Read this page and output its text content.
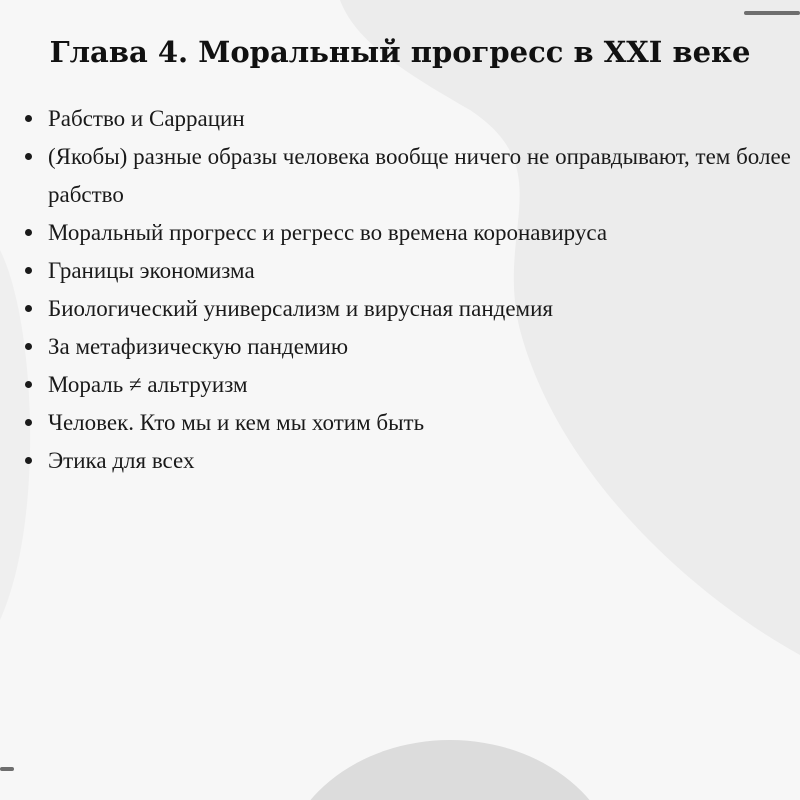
Глава 4. Моральный прогресс в XXI веке
Рабство и Саррацин
(Якобы) разные образы человека вообще ничего не оправдывают, тем более рабство
Моральный прогресс и регресс во времена коронавируса
Границы экономизма
Биологический универсализм и вирусная пандемия
За метафизическую пандемию
Мораль ≠ альтруизм
Человек. Кто мы и кем мы хотим быть
Этика для всех
